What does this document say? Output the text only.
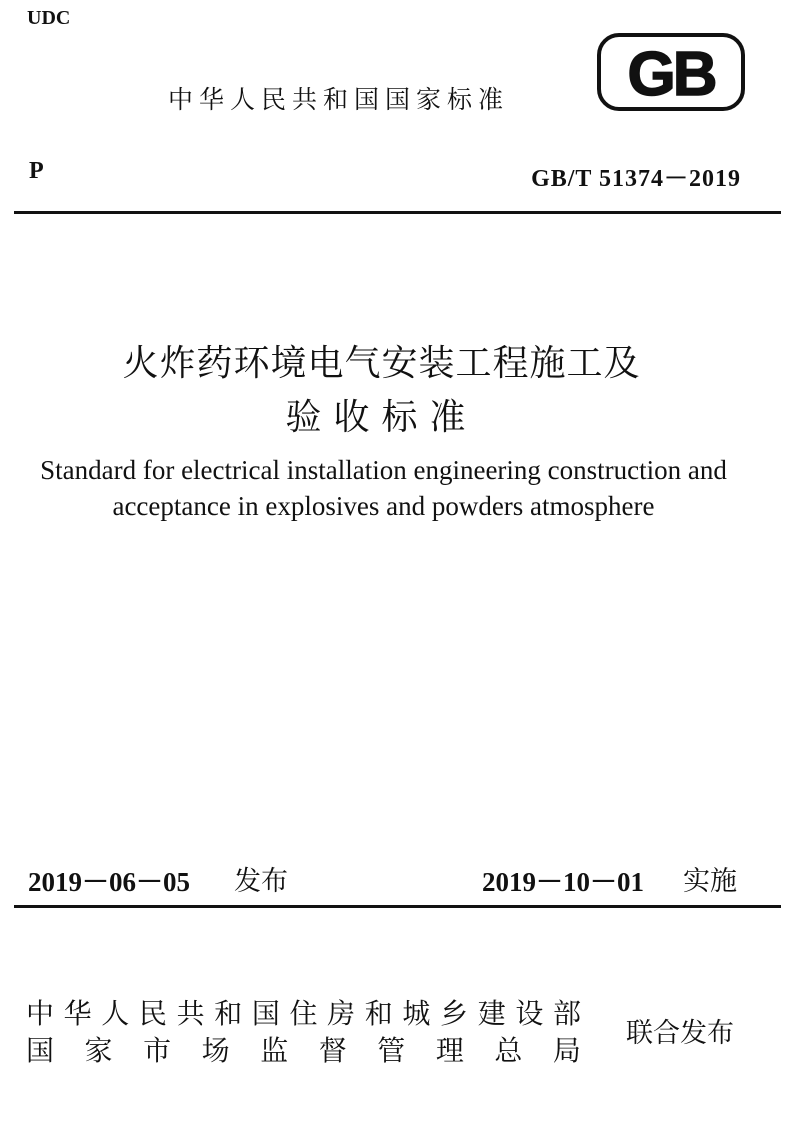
UDC
中华人民共和国国家标准 GB
P	GB/T 51374－2019
火炸药环境电气安装工程施工及
验收标准
Standard for electrical installation engineering construction and
acceptance in explosives and powders atmosphere
2019－06－05 发布	2019－10－01 实施
中 华 人 民 共 和 国 住 房 和 城 乡 建 设 部
国 家 市 场 监 督 管 理 总 局
联合发布
